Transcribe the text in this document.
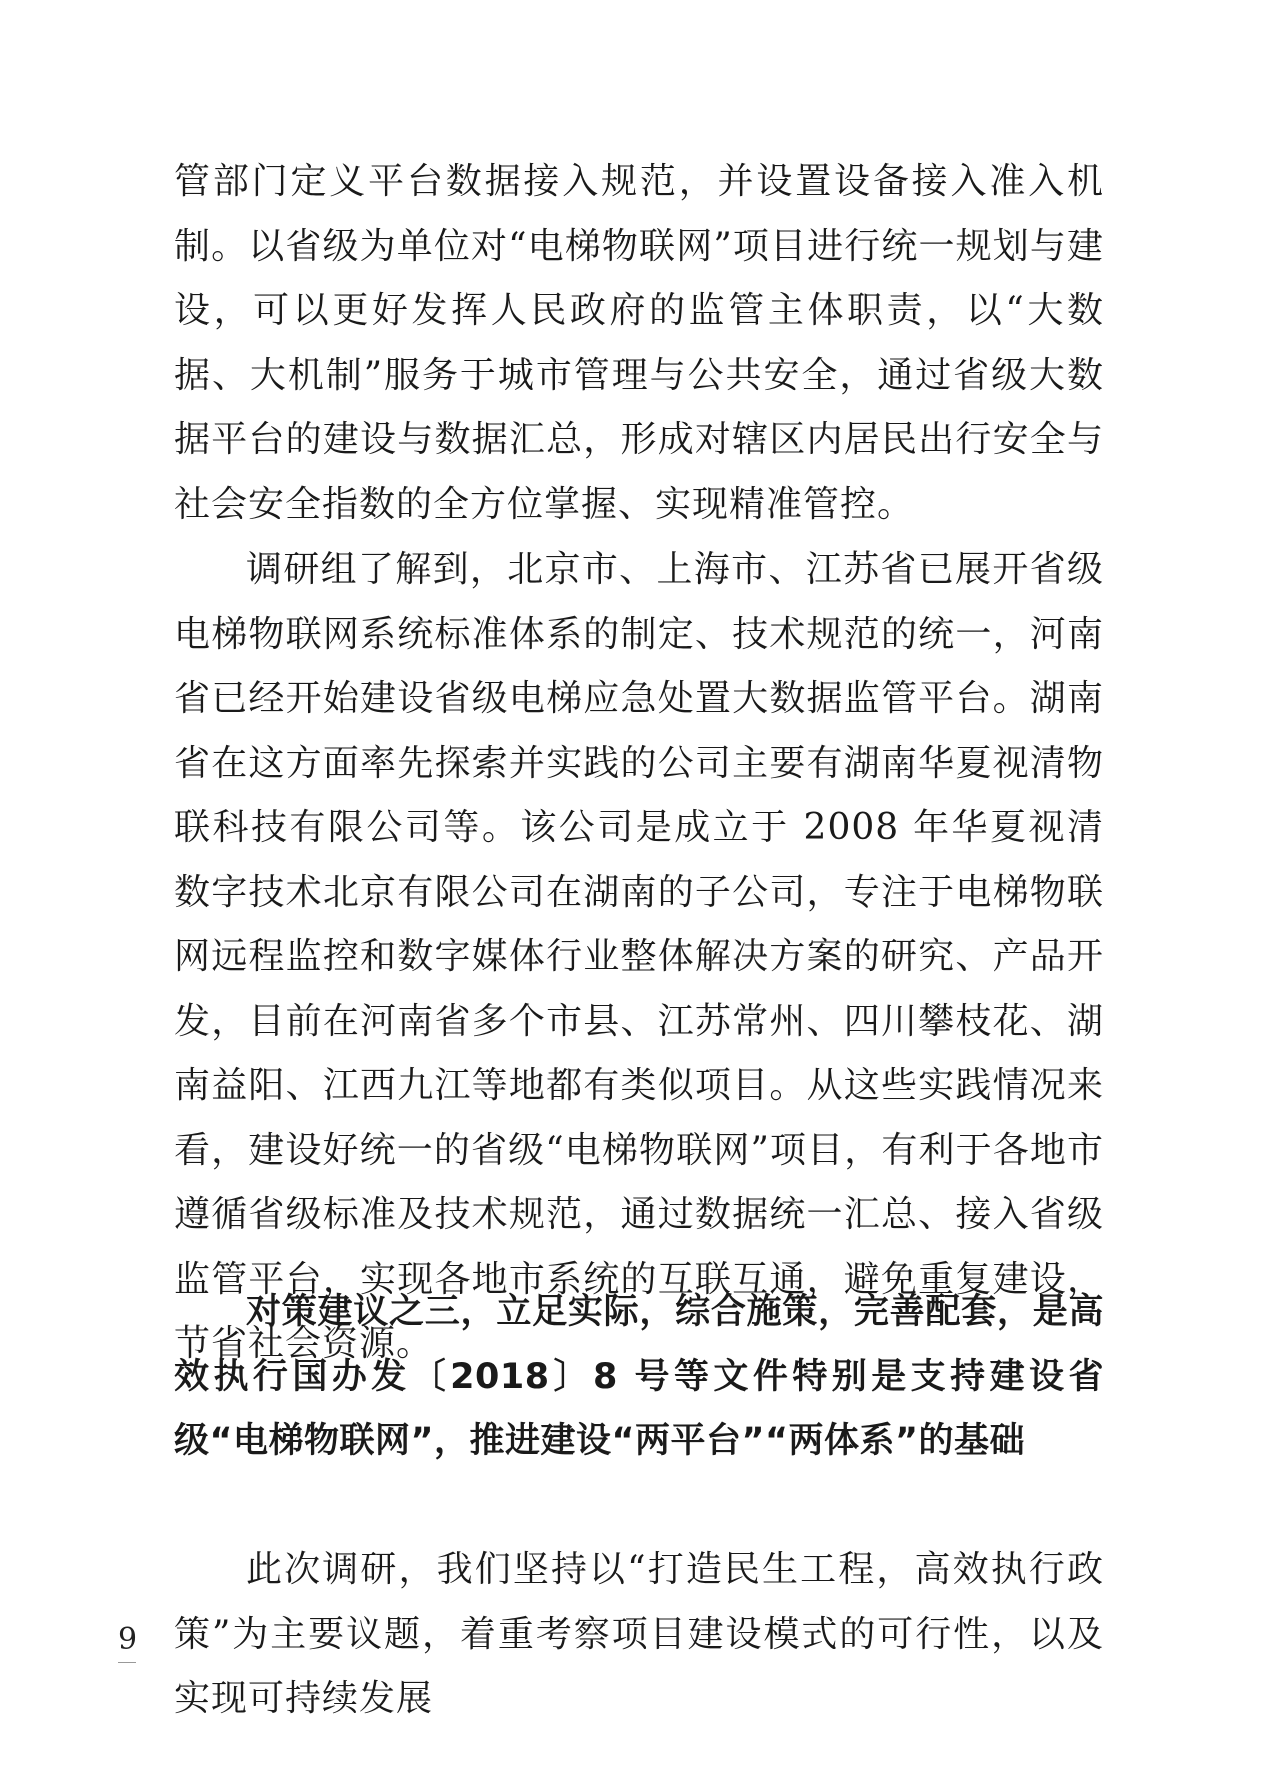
管部门定义平台数据接入规范，并设置设备接入准入机制。以省级为单位对“电梯物联网”项目进行统一规划与建设，可以更好发挥人民政府的监管主体职责，以“大数据、大机制”服务于城市管理与公共安全，通过省级大数据平台的建设与数据汇总，形成对辖区内居民出行安全与社会安全指数的全方位掌握、实现精准管控。

调研组了解到，北京市、上海市、江苏省已展开省级电梯物联网系统标准体系的制定、技术规范的统一，河南省已经开始建设省级电梯应急处置大数据监管平台。湖南省在这方面率先探索并实践的公司主要有湖南华夏视清物联科技有限公司等。该公司是成立于 2008 年华夏视清数字技术北京有限公司在湖南的子公司，专注于电梯物联网远程监控和数字媒体行业整体解决方案的研究、产品开发，目前在河南省多个市县、江苏常州、四川攀枝花、湖南益阳、江西九江等地都有类似项目。从这些实践情况来看，建设好统一的省级“电梯物联网”项目，有利于各地市遵循省级标准及技术规范，通过数据统一汇总、接入省级监管平台，实现各地市系统的互联互通，避免重复建设，节省社会资源。

对策建议之三，立足实际，综合施策，完善配套，是高效执行国办发〔2018〕8 号等文件特别是支持建设省级“电梯物联网”，推进建设“两平台”“两体系”的基础

此次调研，我们坚持以“打造民生工程，高效执行政策”为主要议题，着重考察项目建设模式的可行性，以及实现可持续发展

9
